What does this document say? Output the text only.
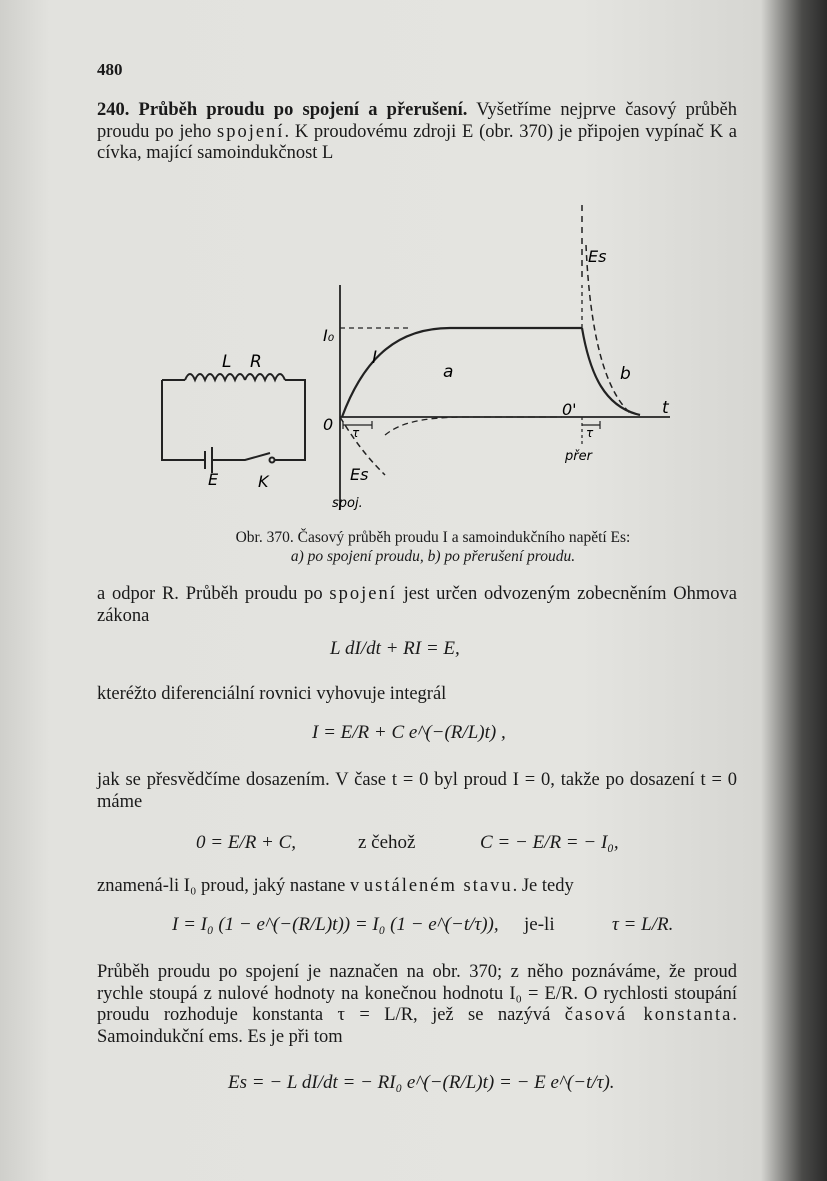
480
240. Průběh proudu po spojení a přerušení. Vyšetříme nejprve časový průběh proudu po jeho spojení. K proudovému zdroji E (obr. 370) je připojen vypínač K a cívka, mající samoindukčnost L
L R
E K
I₀
0
0'
I
a	b
t
Es
Es
τ	τ
spoj.
přer
Obr. 370. Časový průběh proudu I a samoindukčního napětí Es:
a) po spojení proudu, b) po přerušení proudu.
a odpor R. Průběh proudu po spojení jest určen odvozeným zobecněním Ohmova zákona
L dI/dt + RI = E,
kteréžto diferenciální rovnici vyhovuje integrál
I = E/R + C e^(−(R/L)t) ,
jak se přesvědčíme dosazením. V čase t = 0 byl proud I = 0, takže po dosazení t = 0 máme
0 = E/R + C,	z čehož	C = − E/R = − I₀,
znamená-li I₀ proud, jaký nastane v ustáleném stavu. Je tedy
I = I₀ (1 − e^(−(R/L)t)) = I₀ (1 − e^(−t/τ)), je-li	τ = L/R.
Průběh proudu po spojení je naznačen na obr. 370; z něho poznáváme, že proud rychle stoupá z nulové hodnoty na konečnou hodnotu I₀ = E/R. O rychlosti stoupání proudu rozhoduje konstanta τ = L/R, jež se nazývá časová konstanta. Samoindukční ems. Es je při tom
Es = − L dI/dt = − RI₀ e^(−(R/L)t) = − E e^(−t/τ).
